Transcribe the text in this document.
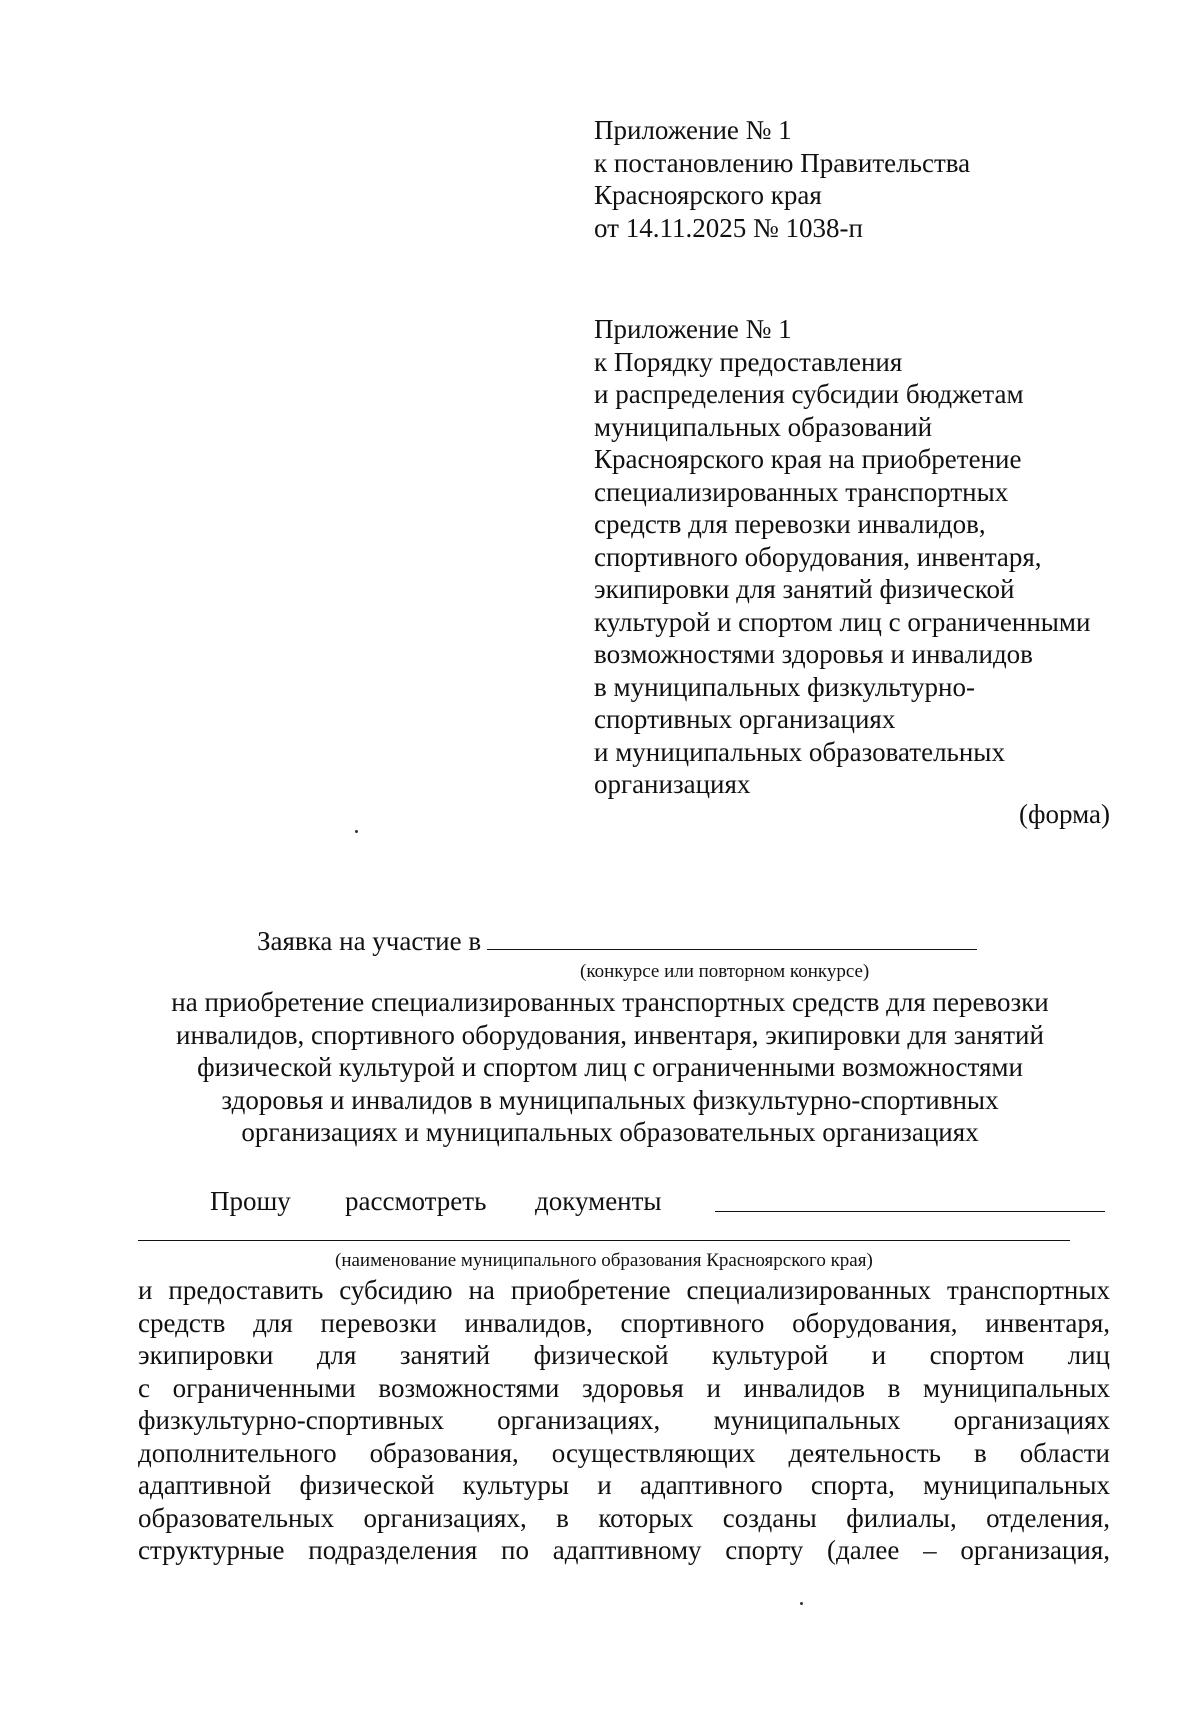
Приложение № 1
к постановлению Правительства
Красноярского края
от 14.11.2025 № 1038-п
Приложение № 1
к Порядку предоставления
и распределения субсидии бюджетам
муниципальных образований
Красноярского края на приобретение
специализированных транспортных
средств для перевозки инвалидов,
спортивного оборудования, инвентаря,
экипировки для занятий физической
культурой и спортом лиц с ограниченными
возможностями здоровья и инвалидов
в муниципальных физкультурно-
спортивных организациях
и муниципальных образовательных
организациях
(форма)
Заявка на участие в
(конкурсе или повторном конкурсе)
на приобретение специализированных транспортных средств для перевозки
инвалидов, спортивного оборудования, инвентаря, экипировки для занятий
физической культурой и спортом лиц с ограниченными возможностями
здоровья и инвалидов в муниципальных физкультурно-спортивных
организациях и муниципальных образовательных организациях
Прошу рассмотреть документы
(наименование муниципального образования Красноярского края)
и предоставить субсидию на приобретение специализированных транспортных
средств для перевозки инвалидов, спортивного оборудования, инвентаря,
экипировки для занятий физической культурой и спортом лиц
с ограниченными возможностями здоровья и инвалидов в муниципальных
физкультурно-спортивных организациях, муниципальных организациях
дополнительного образования, осуществляющих деятельность в области
адаптивной физической культуры и адаптивного спорта, муниципальных
образовательных организациях, в которых созданы филиалы, отделения,
структурные подразделения по адаптивному спорту (далее – организация,
